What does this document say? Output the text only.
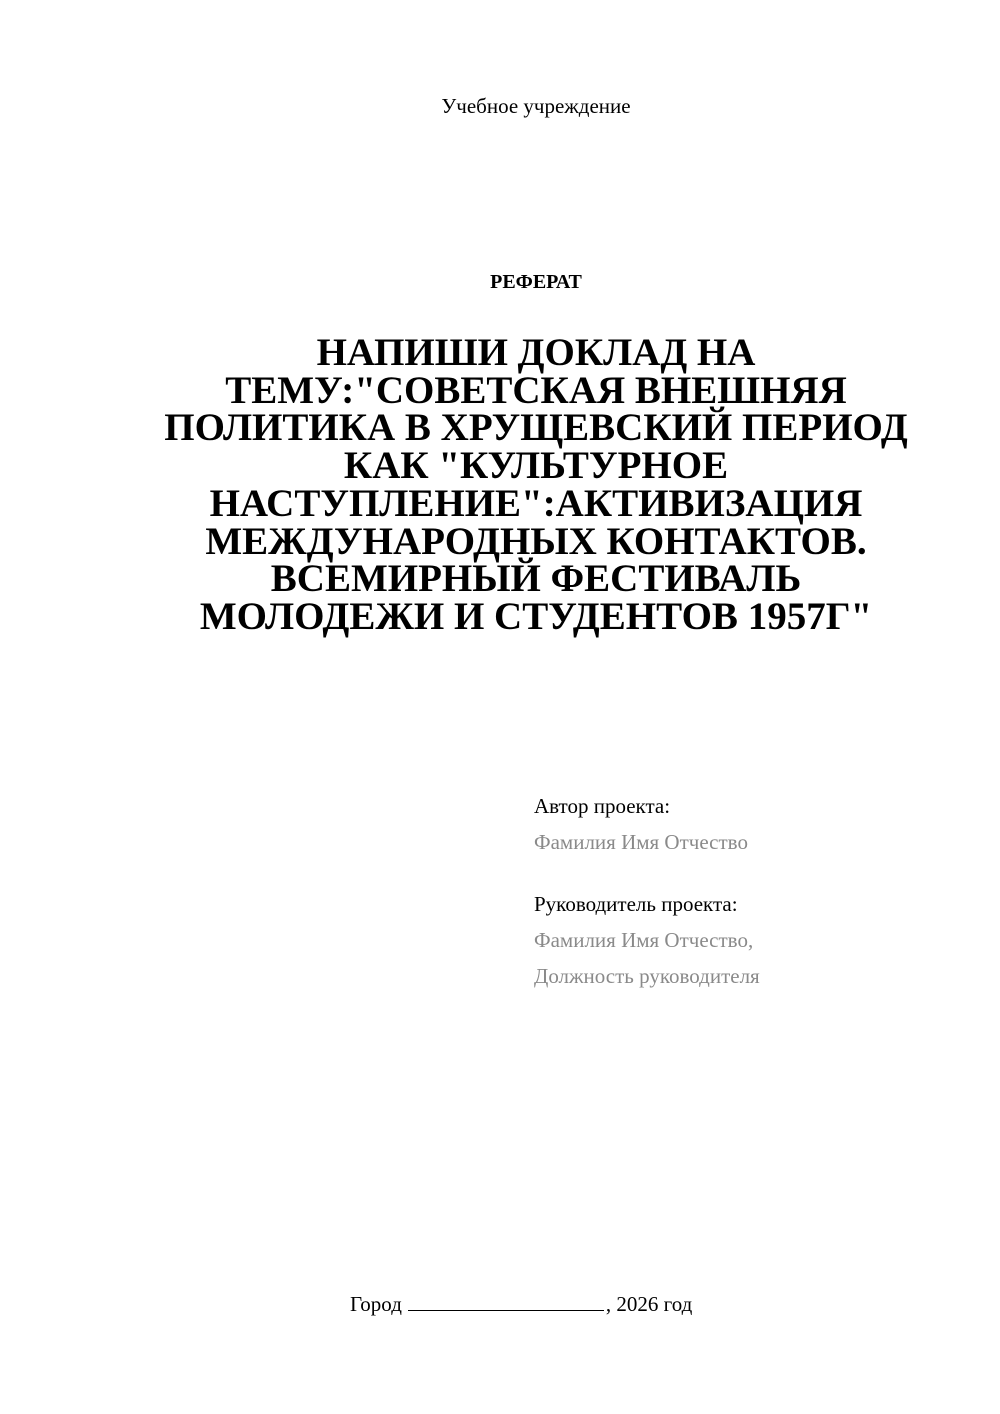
Учебное учреждение
РЕФЕРАТ
НАПИШИ ДОКЛАД НА
ТЕМУ:"СОВЕТСКАЯ ВНЕШНЯЯ
ПОЛИТИКА В ХРУЩЕВСКИЙ ПЕРИОД
КАК "КУЛЬТУРНОЕ
НАСТУПЛЕНИЕ":АКТИВИЗАЦИЯ
МЕЖДУНАРОДНЫХ КОНТАКТОВ.
ВСЕМИРНЫЙ ФЕСТИВАЛЬ
МОЛОДЕЖИ И СТУДЕНТОВ 1957Г"
Автор проекта:
Фамилия Имя Отчество
Руководитель проекта:
Фамилия Имя Отчество,
Должность руководителя
Город	, 2026 год
